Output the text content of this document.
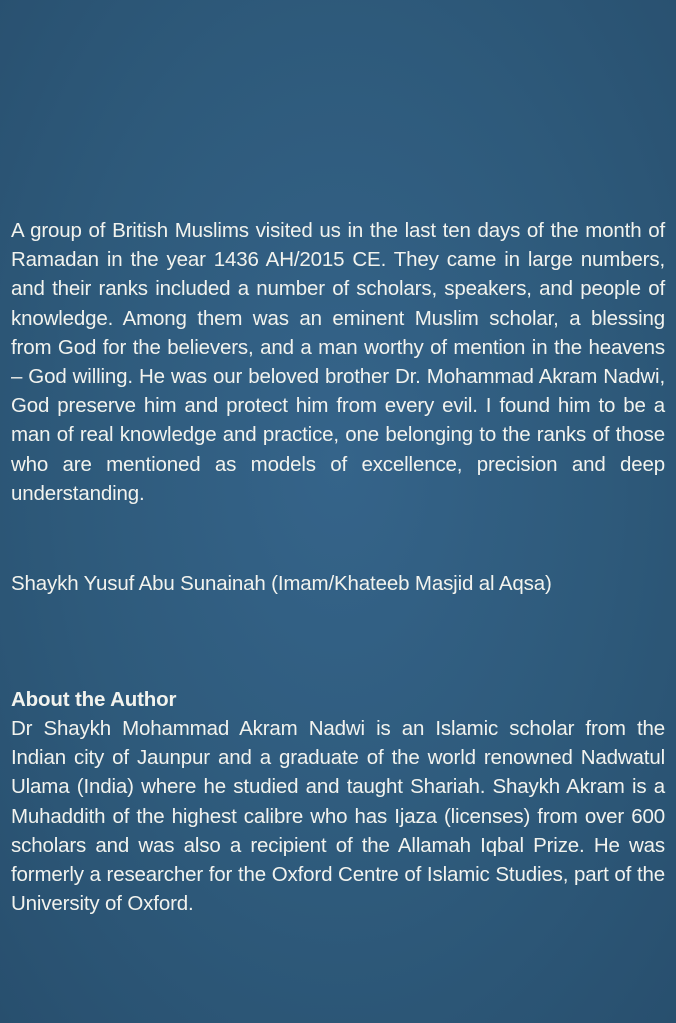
A group of British Muslims visited us in the last ten days of the month of Ramadan in the year 1436 AH/2015 CE. They came in large numbers, and their ranks included a number of scholars, speakers, and people of knowledge. Among them was an eminent Muslim scholar, a blessing from God for the believers, and a man worthy of mention in the heavens – God willing. He was our beloved brother Dr. Mohammad Akram Nadwi, God preserve him and protect him from every evil. I found him to be a man of real knowledge and practice, one belonging to the ranks of those who are mentioned as models of excellence, precision and deep understanding.

Shaykh Yusuf Abu Sunainah (Imam/Khateeb Masjid al Aqsa)

About the Author

Dr Shaykh Mohammad Akram Nadwi is an Islamic scholar from the Indian city of Jaunpur and a graduate of the world renowned Nadwatul Ulama (India) where he studied and taught Shariah. Shaykh Akram is a Muhaddith of the highest calibre who has Ijaza (licenses) from over 600 scholars and was also a recipient of the Allamah Iqbal Prize. He was formerly a researcher for the Oxford Centre of Islamic Studies, part of the University of Oxford.
